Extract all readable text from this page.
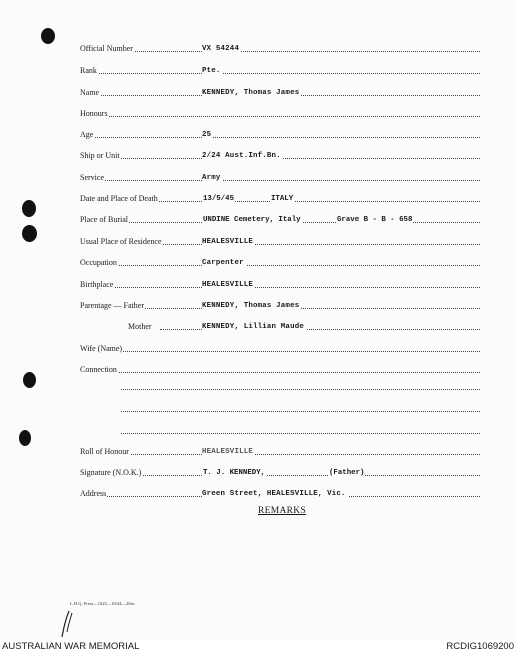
Official Number	VX 54244
Rank	Pte.
Name	KENNEDY, Thomas James
Honours
Age	25
Ship or Unit	2/24 Aust.Inf.Bn.
Service	Army
Date and Place of Death	13/5/45	ITALY
Place of Burial	UNDINE Cemetery, Italy	Grave B - B - 658
Usual Place of Residence	HEALESVILLE
Occupation	Carpenter
Birthplace	HEALESVILLE
Parentage — Father	KENNEDY, Thomas James
Mother	KENNEDY, Lillian Maude
Wife (Name)
Connection
Roll of Honour	HEALESVILLE
Signature (N.O.K.)	T. J. KENNEDY,	(Father)
Address	Green Street, HEALESVILLE, Vic.
REMARKS
L.H.Q. Press—1625—10/44—20m.
AUSTRALIAN WAR MEMORIAL	RCDIG1069200
